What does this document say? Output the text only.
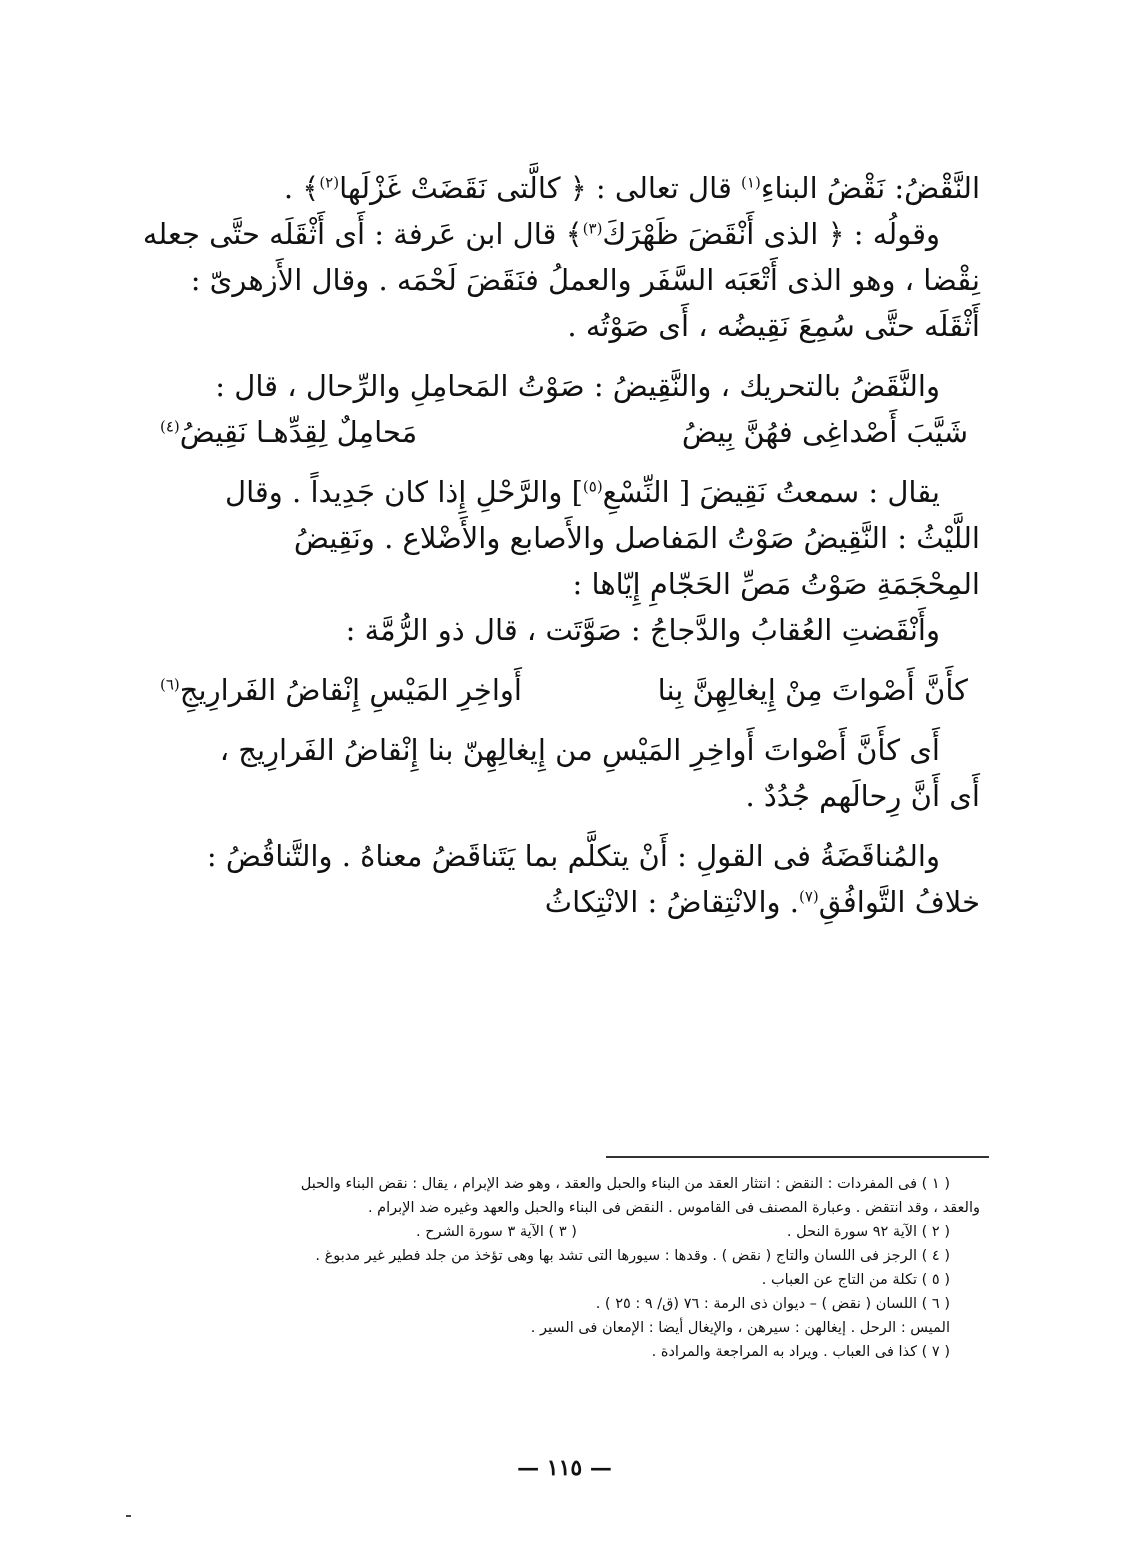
النَّقْضُ: نَقْضُ البناءِ$^{(١)}$ قال تعالى : ﴿ كالَّتى نَقَضَتْ غَزْلَها$^{(٢)}$﴾ .
وقولُه : ﴿ الذى أَنْقَضَ ظَهْرَكَ$^{(٣)}$﴾ قال ابن عَرفة : أَى أَثْقَلَه حتَّى جعله
نِقْضا ، وهو الذى أَتْعَبَه السَّفَر والعملُ فنَقَضَ لَحْمَه . وقال الأَزهرىّ :
أَثْقَلَه حتَّى سُمِعَ نَقِيضُه ، أَى صَوْتُه .
والنَّقَضُ بالتحريك ، والنَّقِيضُ : صَوْتُ المَحامِلِ والرِّحال ، قال :
شَيَّبَ أَصْداغِى فهُنَّ بِيضُ
مَحامِلٌ لِقِدِّهـا نَقِيضُ$^{(٤)}$
يقال : سمعتُ نَقِيضَ [ النِّسْعِ$^{(٥)}$] والرَّحْلِ إِذا كان جَدِيداً . وقال
اللَّيْثُ : النَّقِيضُ صَوْتُ المَفاصل والأَصابع والأَضْلاع . ونَقِيضُ
المِحْجَمَةِ صَوْتُ مَصِّ الحَجّامِ إِيّاها :
وأَنْقَضتِ العُقابُ والدَّجاجُ : صَوَّتَت ، قال ذو الرُّمَّة :
كأَنَّ أَصْواتَ مِنْ إِيغالِهِنَّ بِنا
أَواخِرِ المَيْسِ إِنْقاضُ الفَرارِيجِ$^{(٦)}$
أَى كأَنَّ أَصْواتَ أَواخِرِ المَيْسِ من إِيغالِهِنّ بنا إِنْقاضُ الفَرارِيج ،
أَى أَنَّ رِحالَهم جُدُدٌ .
والمُناقَضَةُ فى القولِ : أَنْ يتكلَّم بما يَتَناقَضُ معناهُ . والتَّناقُضُ :
خلافُ التَّوافُقِ$^{(٧)}$. والانْتِقاضُ : الانْتِكاثُ
( ١ ) فى المفردات : النقض : انتثار العقد من البناء والحبل والعقد ، وهو ضد الإبرام ، يقال : نقض البناء والحبل
والعقد ، وقد انتقض . وعبارة المصنف فى القاموس . النقض فى البناء والحبل والعهد وغيره ضد الإبرام .
( ٢ ) الآية ٩٢ سورة النحل .
( ٣ ) الآية ٣ سورة الشرح .
( ٤ ) الرجز فى اللسان والتاج ( نقض ) . وقدها : سيورها التى تشد بها وهى تؤخذ من جلد فطير غير مدبوغ .
( ٥ ) تكلة من التاج عن العباب .
( ٦ ) اللسان ( نقض ) – ديوان ذى الرمة : ٧٦ (ق/ ٩ : ٢٥ ) .
الميس : الرحل . إيغالهن : سيرهن ، والإيغال أيضا : الإمعان فى السير .
( ٧ ) كذا فى العباب . ويراد به المراجعة والمرادة .
— ١١٥ —
